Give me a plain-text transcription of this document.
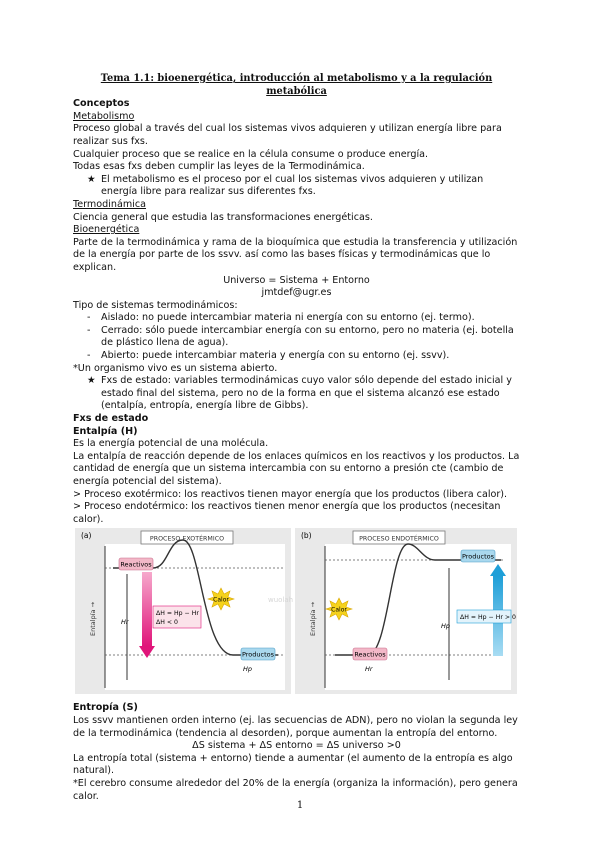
Tema 1.1: bioenergética, introducción al metabolismo y a la regulación metabólica

Conceptos

Metabolismo

Proceso global a través del cual los sistemas vivos adquieren y utilizan energía libre para realizar sus fxs.

Cualquier proceso que se realice en la célula consume o produce energía.

Todas esas fxs deben cumplir las leyes de la Termodinámica.

★ El metabolismo es el proceso por el cual los sistemas vivos adquieren y utilizan energía libre para realizar sus diferentes fxs.

Termodinámica

Ciencia general que estudia las transformaciones energéticas.

Bioenergética

Parte de la termodinámica y rama de la bioquímica que estudia la transferencia y utilización de la energía por parte de los ssvv. así como las bases físicas y termodinámicas que lo explican.

Universo = Sistema + Entorno

jmtdef@ugr.es

Tipo de sistemas termodinámicos:

- Aislado: no puede intercambiar materia ni energía con su entorno (ej. termo).
- Cerrado: sólo puede intercambiar energía con su entorno, pero no materia (ej. botella de plástico llena de agua).
- Abierto: puede intercambiar materia y energía con su entorno (ej. ssvv).

*Un organismo vivo es un sistema abierto.

★ Fxs de estado: variables termodinámicas cuyo valor sólo depende del estado inicial y estado final del sistema, pero no de la forma en que el sistema alcanzó ese estado (entalpía, entropía, energía libre de Gibbs).

Fxs de estado

Entalpía (H)

Es la energía potencial de una molécula.

La entalpía de reacción depende de los enlaces químicos en los reactivos y los productos. La cantidad de energía que un sistema intercambia con su entorno a presión cte (cambio de energía potencial del sistema).

> Proceso exotérmico: los reactivos tienen mayor energía que los productos (libera calor).

> Proceso endotérmico: los reactivos tienen menor energía que los productos (necesitan calor).

(a)	PROCESO EXOTÉRMICO
Entalpía →	Hr
Reactivos
ΔH = Hp − Hr
ΔH < 0
Calor
Productos
Hp
(b)	PROCESO ENDOTÉRMICO
Entalpía → Calor
Hp
Reactivos
Hr
Productos
ΔH = Hp − Hr > 0
wuolah

Entropía (S)

Los ssvv mantienen orden interno (ej. las secuencias de ADN), pero no violan la segunda ley de la termodinámica (tendencia al desorden), porque aumentan la entropía del entorno.

ΔS sistema + ΔS entorno = ΔS universo >0

La entropía total (sistema + entorno) tiende a aumentar (el aumento de la entropía es algo natural).

*El cerebro consume alrededor del 20% de la energía (organiza la información), pero genera calor.

1
